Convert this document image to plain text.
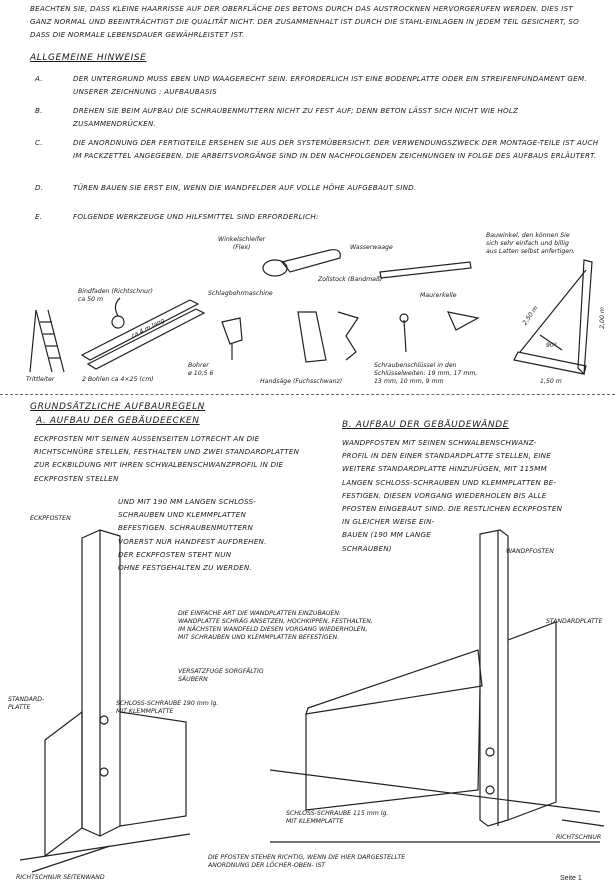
BEACHTEN SIE, DASS KLEINE HAARRISSE AUF DER OBERFLÄCHE DES BETONS DURCH DAS AUSTROCKNEN HERVORGERUFEN WERDEN. DIES IST GANZ NORMAL UND BEEINTRÄCHTIGT DIE QUALITÄT NICHT. DER ZUSAMMENHALT IST DURCH DIE STAHL-EINLAGEN IN JEDEM TEIL GESICHERT, SO DASS DIE NORMALE LEBENSDAUER GEWÄHRLEISTET IST.
ALLGEMEINE HINWEISE
A.	DER UNTERGRUND MUSS EBEN UND WAAGERECHT SEIN. ERFORDERLICH IST EINE BODENPLATTE ODER EIN STREIFENFUNDAMENT GEM. UNSERER ZEICHNUNG : AUFBAUBASIS
B.	DREHEN SIE BEIM AUFBAU DIE SCHRAUBENMUTTERN NICHT ZU FEST AUF; DENN BETON LÄSST SICH NICHT WIE HOLZ ZUSAMMENDRÜCKEN.
C.	DIE ANORDNUNG DER FERTIGTEILE ERSEHEN SIE AUS DER SYSTEMÜBERSICHT. DER VERWENDUNGSZWECK DER MONTAGE-TEILE IST AUCH IM PACKZETTEL ANGEGEBEN. DIE ARBEITSVORGÄNGE SIND IN DEN NACHFOLGENDEN ZEICHNUNGEN IN FOLGE DES AUFBAUS ERLÄUTERT.
D.	TÜREN BAUEN SIE ERST EIN, WENN DIE WANDFELDER AUF VOLLE HÖHE AUFGEBAUT SIND.
E.	FOLGENDE WERKZEUGE UND HILFSMITTEL SIND ERFORDERLICH:
Winkelschleifer
(Flex)	Wasserwaage
Bauwinkel, den können Sie
sich sehr einfach und billig
aus Latten selbst anfertigen.
Zollstock (Bandmaß)
Bindfaden (Richtschnur)
ca 50 m
Schlagbohrmaschine	Maurerkelle
ca 4 m lang
Bohrer
ø 10,5 6
Schraubenschlüssel in den
Schlüsselweiten: 19 mm, 17 mm,
13 mm, 10 mm, 9 mm
Trittleiter	2 Bohlen ca 4×25 (cm)	Handsäge (Fuchsschwanz)
2,50 m	2,00 m
1,50 m
90°
GRUNDSÄTZLICHE AUFBAUREGELN
A. AUFBAU DER GEBÄUDEECKEN
ECKPFOSTEN MIT SEINEN AUSSENSEITEN LOTRECHT AN DIE RICHTSCHNÜRE STELLEN, FESTHALTEN UND ZWEI STANDARDPLATTEN ZUR ECKBILDUNG MIT IHREN SCHWALBENSCHWANZPROFIL IN DIE ECKPFOSTEN STELLEN
UND MIT 190 MM LANGEN SCHLOSS-
SCHRAUBEN UND KLEMMPLATTEN
BEFESTIGEN. SCHRAUBENMUTTERN
VORERST NUR HANDFEST AUFDREHEN.
DER ECKPFOSTEN STEHT NUN
OHNE FESTGEHALTEN ZU WERDEN.
B. AUFBAU DER GEBÄUDEWÄNDE
WANDPFOSTEN MIT SEINEN SCHWALBENSCHWANZ-
PROFIL IN DEN EINER STANDARDPLATTE STELLEN, EINE
WEITERE STANDARDPLATTE HINZUFÜGEN, MIT 115MM
LANGEN SCHLOSS-SCHRAUBEN UND KLEMMPLATTEN BE-
FESTIGEN. DIESEN VORGANG WIEDERHOLEN BIS ALLE
PFOSTEN EINGEBAUT SIND. DIE RESTLICHEN ECKPFOSTEN
IN GLEICHER WEISE EIN-
BAUEN (190 MM LANGE
SCHRAUBEN)
ECKPFOSTEN
STANDARD-
PLATTE
SCHLOSS-SCHRAUBE 190 mm lg.
MIT KLEMMPLATTE
RICHTSCHNUR SEITENWAND
WANDPFOSTEN
STANDARDPLATTE
DIE EINFACHE ART DIE WANDPLATTEN EINZUBAUEN:
WANDPLATTE SCHRÄG ANSETZEN, HOCHKIPPEN, FESTHALTEN,
IM NÄCHSTEN WANDFELD DIESEN VORGANG WIEDERHOLEN,
MIT SCHRAUBEN UND KLEMMPLATTEN BEFESTIGEN.
VERSATZFUGE SORGFÄLTIG
SÄUBERN
SCHLOSS-SCHRAUBE 115 mm lg.
MIT KLEMMPLATTE
RICHTSCHNUR
DIE PFOSTEN STEHEN RICHTIG, WENN DIE HIER DARGESTELLTE
ANORDNUNG DER LÖCHER-OBEN- IST
Seite 1
